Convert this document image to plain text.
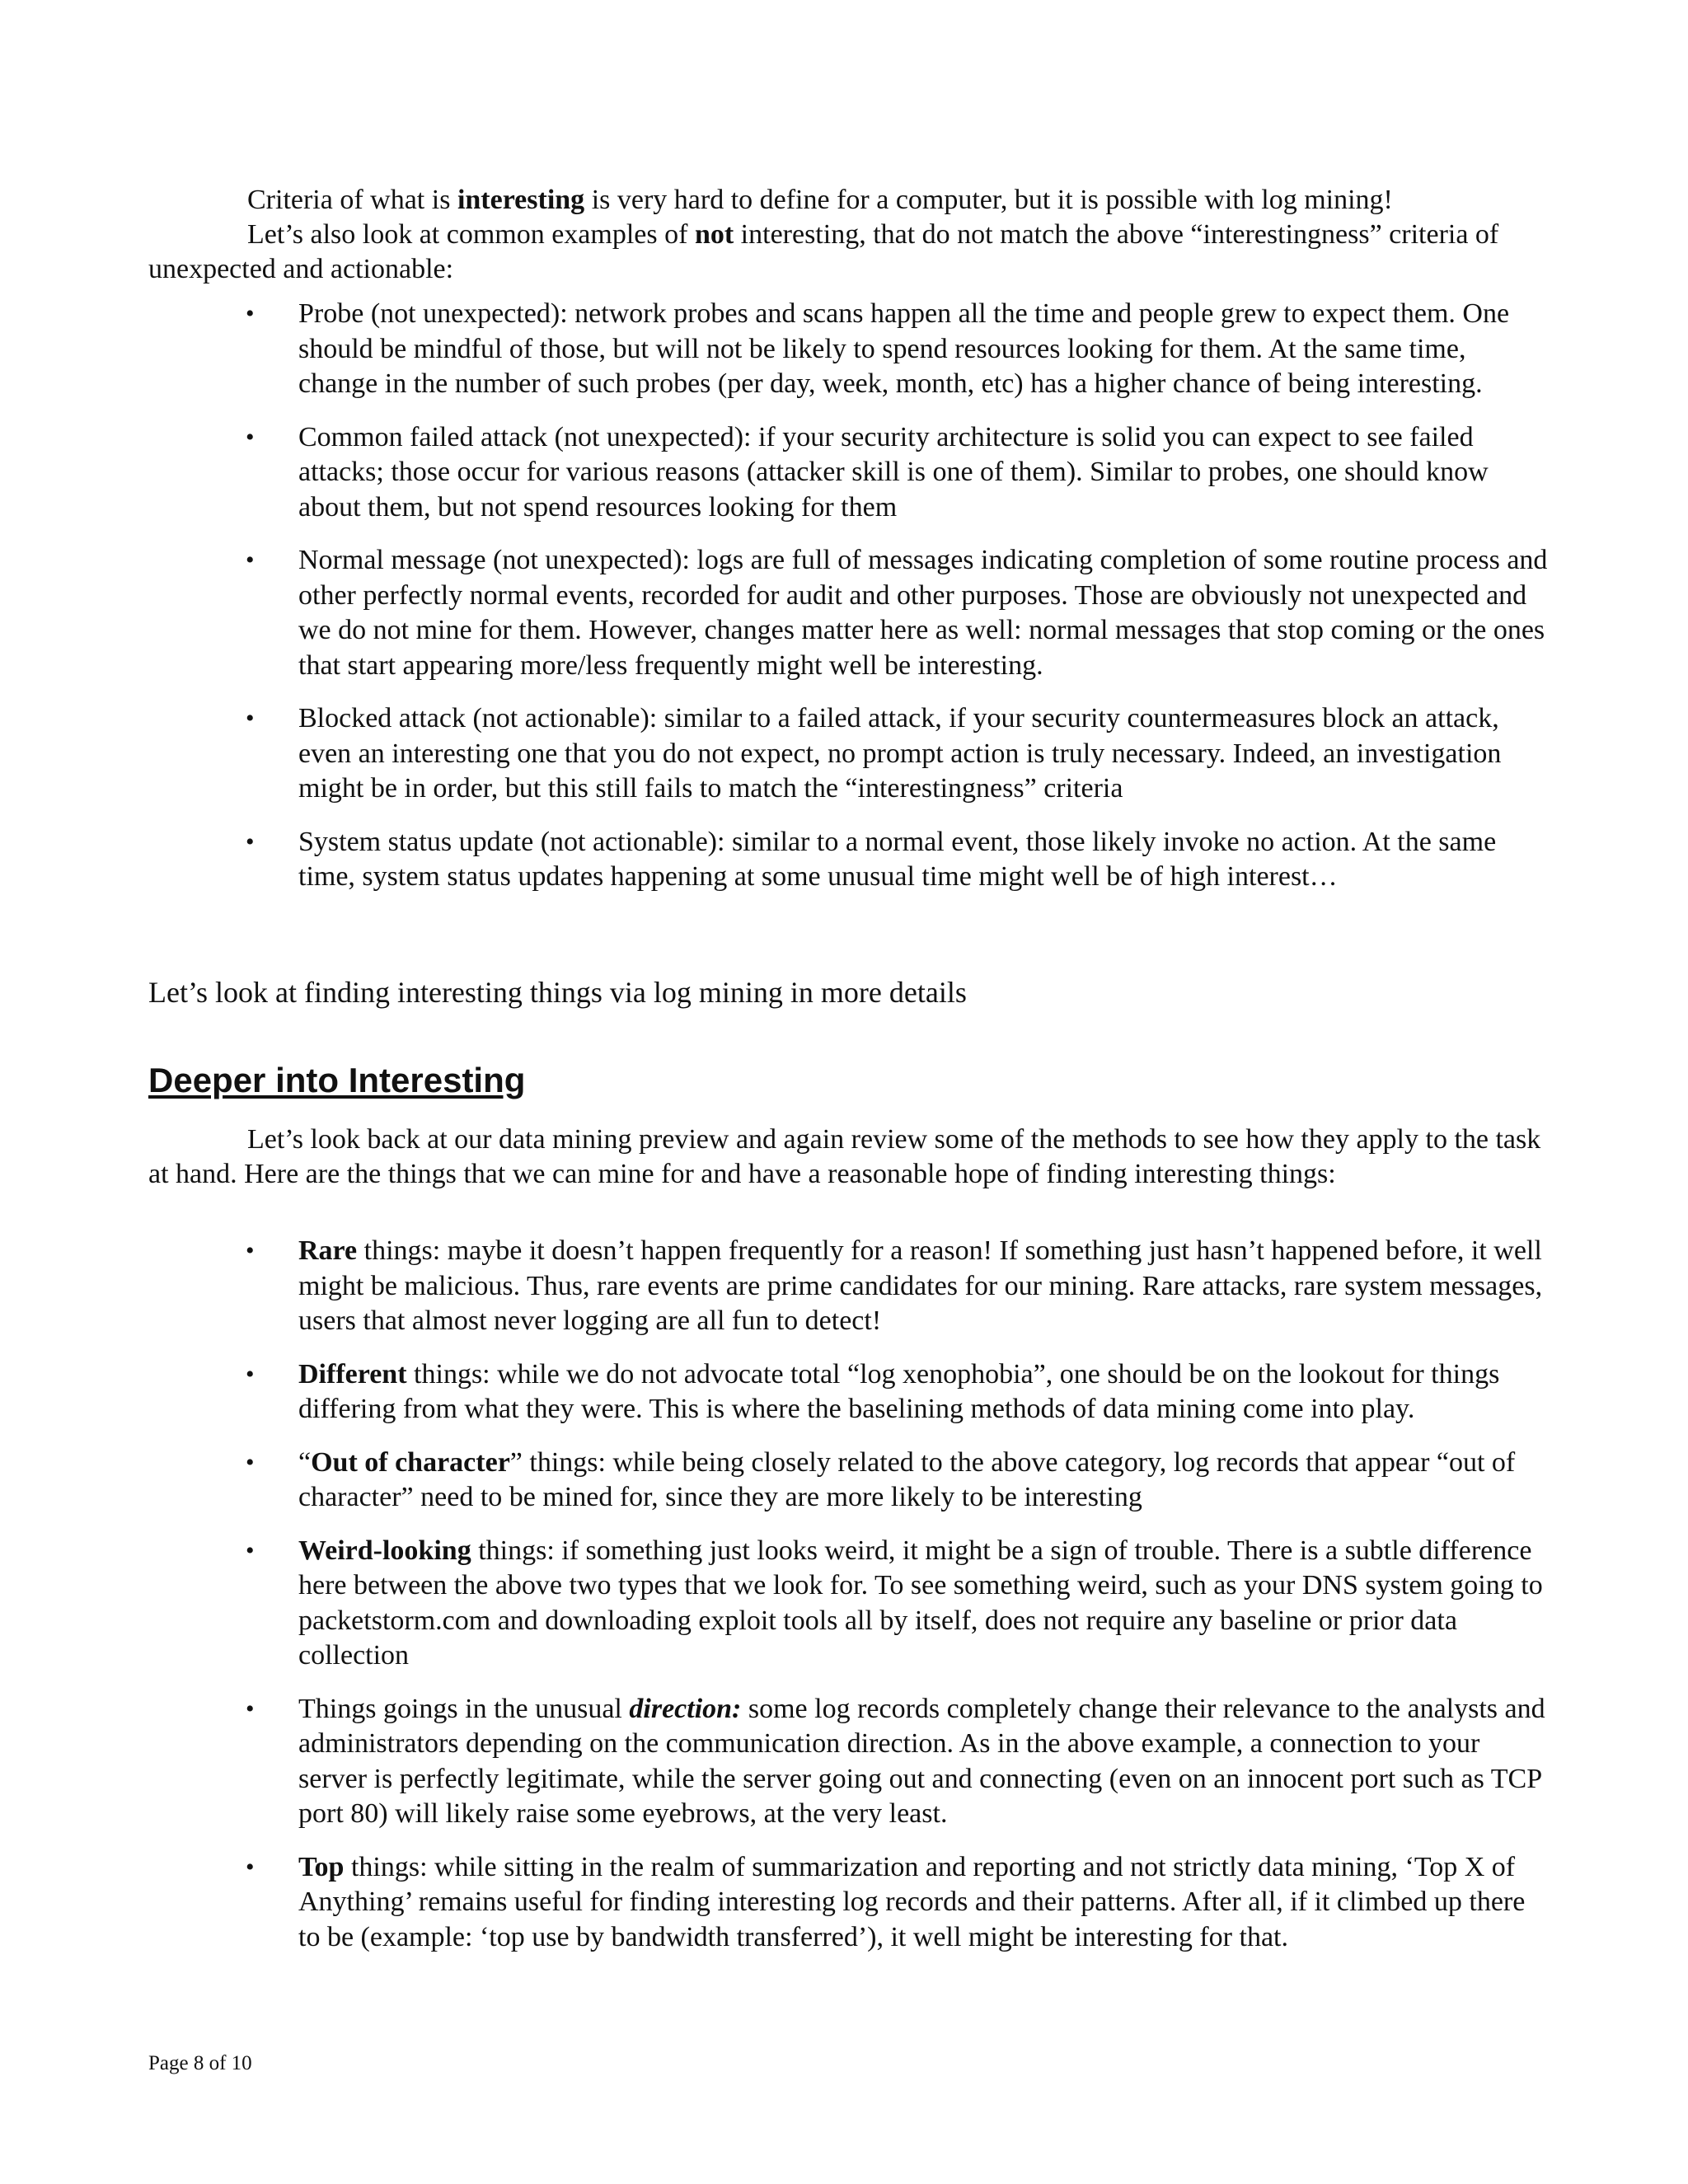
Criteria of what is interesting is very hard to define for a computer, but it is possible with log mining!

Let’s also look at common examples of not interesting, that do not match the above “interestingness” criteria of unexpected and actionable:

• Probe (not unexpected): network probes and scans happen all the time and people grew to expect them. One should be mindful of those, but will not be likely to spend resources looking for them. At the same time, change in the number of such probes (per day, week, month, etc) has a higher chance of being interesting.
• Common failed attack (not unexpected): if your security architecture is solid you can expect to see failed attacks; those occur for various reasons (attacker skill is one of them). Similar to probes, one should know about them, but not spend resources looking for them
• Normal message (not unexpected): logs are full of messages indicating completion of some routine process and other perfectly normal events, recorded for audit and other purposes. Those are obviously not unexpected and we do not mine for them. However, changes matter here as well: normal messages that stop coming or the ones that start appearing more/less frequently might well be interesting.
• Blocked attack (not actionable): similar to a failed attack, if your security countermeasures block an attack, even an interesting one that you do not expect, no prompt action is truly necessary. Indeed, an investigation might be in order, but this still fails to match the “interestingness” criteria
• System status update (not actionable): similar to a normal event, those likely invoke no action. At the same time, system status updates happening at some unusual time might well be of high interest…

Let’s look at finding interesting things via log mining in more details

Deeper into Interesting

Let’s look back at our data mining preview and again review some of the methods to see how they apply to the task at hand. Here are the things that we can mine for and have a reasonable hope of finding interesting things:

• Rare things: maybe it doesn’t happen frequently for a reason! If something just hasn’t happened before, it well might be malicious. Thus, rare events are prime candidates for our mining. Rare attacks, rare system messages, users that almost never logging are all fun to detect!
• Different things: while we do not advocate total “log xenophobia”, one should be on the lookout for things differing from what they were. This is where the baselining methods of data mining come into play.
• “Out of character” things: while being closely related to the above category, log records that appear “out of character” need to be mined for, since they are more likely to be interesting
• Weird-looking things: if something just looks weird, it might be a sign of trouble. There is a subtle difference here between the above two types that we look for. To see something weird, such as your DNS system going to packetstorm.com and downloading exploit tools all by itself, does not require any baseline or prior data collection
• Things goings in the unusual direction: some log records completely change their relevance to the analysts and administrators depending on the communication direction. As in the above example, a connection to your server is perfectly legitimate, while the server going out and connecting (even on an innocent port such as TCP port 80) will likely raise some eyebrows, at the very least.
• Top things: while sitting in the realm of summarization and reporting and not strictly data mining, ‘Top X of Anything’ remains useful for finding interesting log records and their patterns. After all, if it climbed up there to be (example: ‘top use by bandwidth transferred’), it well might be interesting for that.
Page 8 of 10
